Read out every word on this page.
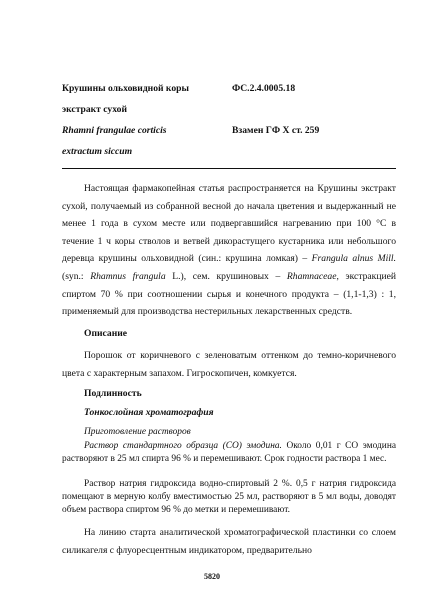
Крушины ольховидной коры	ФС.2.4.0005.18
экстракт сухой
Rhamni frangulae corticis	Взамен ГФ X ст. 259
extractum siccum
Настоящая фармакопейная статья распространяется на Крушины экстракт сухой, получаемый из собранной весной до начала цветения и выдержанный не менее 1 года в сухом месте или подвергавшийся нагреванию при 100 °С в течение 1 ч коры стволов и ветвей дикорастущего кустарника или небольшого деревца крушины ольховидной (син.: крушина ломкая) – Frangula alnus Mill. (syn.: Rhamnus frangula L.), сем. крушиновых – Rhamnaceae, экстракцией спиртом 70 % при соотношении сырья и конечного продукта – (1,1-1,3) : 1, применяемый для производства нестерильных лекарственных средств.
Описание
Порошок от коричневого с зеленоватым оттенком до темно-коричневого цвета с характерным запахом. Гигроскопичен, комкуется.
Подлинность
Тонкослойная хроматография
Приготовление растворов
Раствор стандартного образца (СО) эмодина. Около 0,01 г СО эмодина растворяют в 25 мл спирта 96 % и перемешивают. Срок годности раствора 1 мес.
Раствор натрия гидроксида водно-спиртовый 2 %. 0,5 г натрия гидроксида помещают в мерную колбу вместимостью 25 мл, растворяют в 5 мл воды, доводят объем раствора спиртом 96 % до метки и перемешивают.
На линию старта аналитической хроматографической пластинки со слоем силикагеля с флуоресцентным индикатором, предварительно
5820
